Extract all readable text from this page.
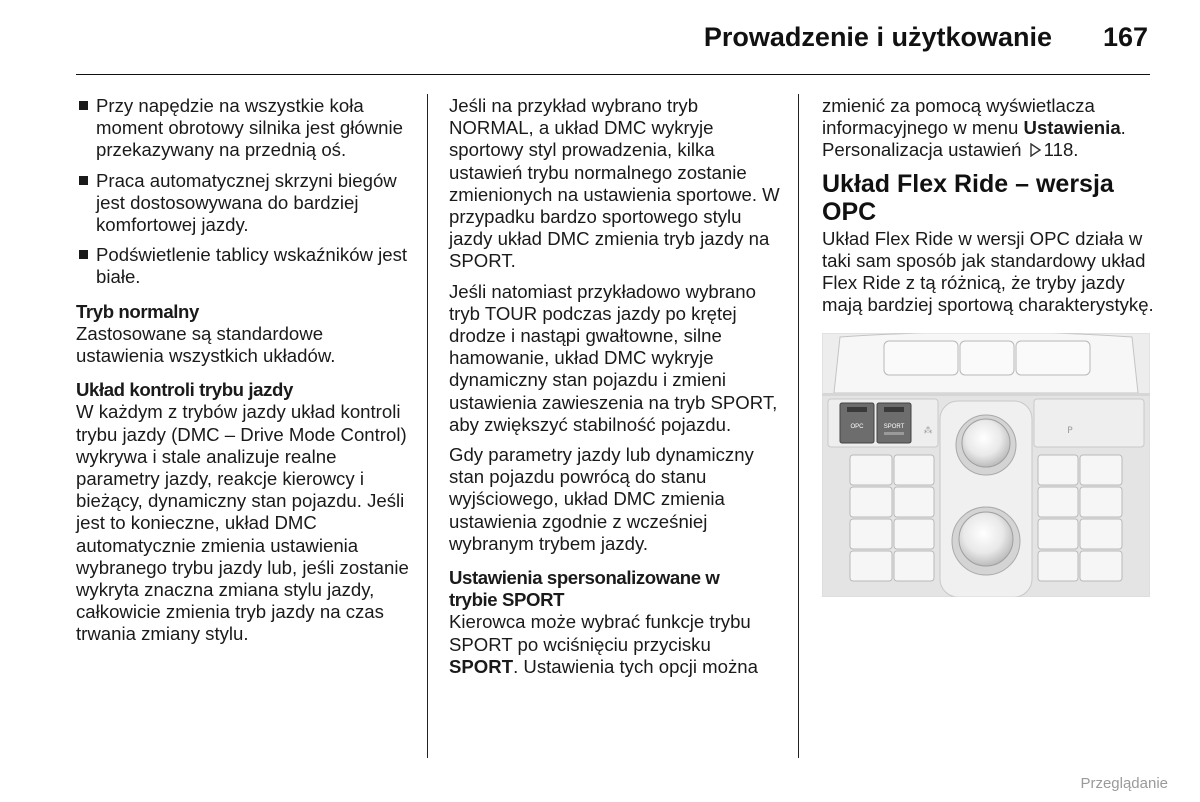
Prowadzenie i użytkowanie 167
Przy napędzie na wszystkie koła moment obrotowy silnika jest głównie przekazywany na przednią oś.
Praca automatycznej skrzyni biegów jest dostosowywana do bardziej komfortowej jazdy.
Podświetlenie tablicy wskaźników jest białe.
Tryb normalny

Zastosowane są standardowe ustawienia wszystkich układów.

Układ kontroli trybu jazdy

W każdym z trybów jazdy układ kontroli trybu jazdy (DMC – Drive Mode Control) wykrywa i stale analizuje realne parametry jazdy, reakcje kierowcy i bieżący, dynamiczny stan pojazdu. Jeśli jest to konieczne, układ DMC automatycznie zmienia ustawienia wybranego trybu jazdy lub, jeśli zostanie wykryta znaczna zmiana stylu jazdy, całkowicie zmienia tryb jazdy na czas trwania zmiany stylu.

Jeśli na przykład wybrano tryb NORMAL, a układ DMC wykryje sportowy styl prowadzenia, kilka ustawień trybu normalnego zostanie zmienionych na ustawienia sportowe. W przypadku bardzo sportowego stylu jazdy układ DMC zmienia tryb jazdy na SPORT.

Jeśli natomiast przykładowo wybrano tryb TOUR podczas jazdy po krętej drodze i nastąpi gwałtowne, silne hamowanie, układ DMC wykryje dynamiczny stan pojazdu i zmieni ustawienia zawieszenia na tryb SPORT, aby zwiększyć stabilność pojazdu.

Gdy parametry jazdy lub dynamiczny stan pojazdu powrócą do stanu wyjściowego, układ DMC zmienia ustawienia zgodnie z wcześniej wybranym trybem jazdy.

Ustawienia spersonalizowane w trybie SPORT

Kierowca może wybrać funkcje trybu SPORT po wciśnięciu przycisku SPORT. Ustawienia tych opcji można

zmienić za pomocą wyświetlacza informacyjnego w menu Ustawienia. Personalizacja ustawień 118.

Układ Flex Ride – wersja OPC

Układ Flex Ride w wersji OPC działa w taki sam sposób jak standardowy układ Flex Ride z tą różnicą, że tryby jazdy mają bardziej sportową charakterystykę.

OPC	SPORT ⁂	P
Przeglądanie
